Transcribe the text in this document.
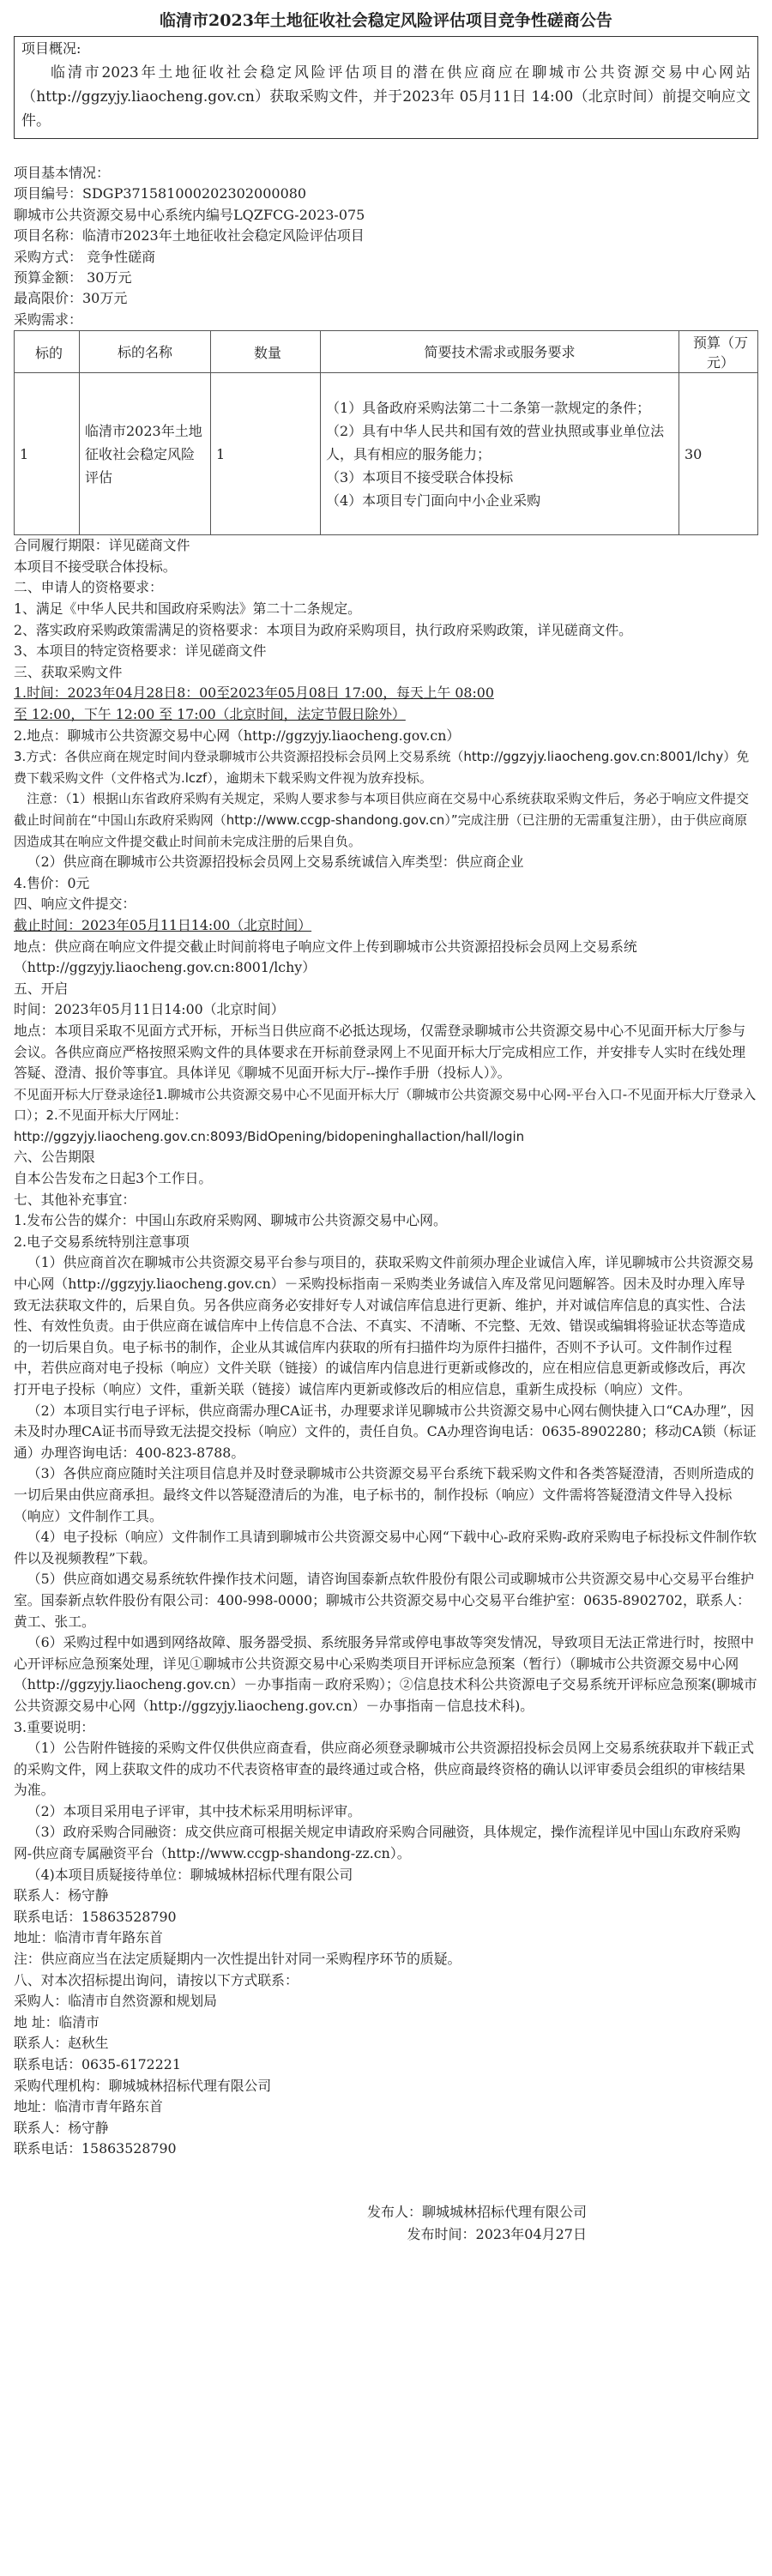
临清市2023年土地征收社会稳定风险评估项目竞争性磋商公告
项目概况:
临清市2023年土地征收社会稳定风险评估项目的潜在供应商应在聊城市公共资源交易中心网站（http://ggzyjy.liaocheng.gov.cn）获取采购文件，并于2023年 05月11日 14:00（北京时间）前提交响应文件。
项目基本情况：
项目编号：SDGP371581000202302000080
聊城市公共资源交易中心系统内编号LQZFCG-2023-075
项目名称：临清市2023年土地征收社会稳定风险评估项目
采购方式： 竞争性磋商
预算金额： 30万元
最高限价：30万元
采购需求：
标的	标的名称	数量	简要技术需求或服务要求	预算（万元）
1	临清市2023年土地征收社会稳定风险评估	1	（1）具备政府采购法第二十二条第一款规定的条件；
（2）具有中华人民共和国有效的营业执照或事业单位法人，具有相应的服务能力；
（3）本项目不接受联合体投标
（4）本项目专门面向中小企业采购	30

合同履行期限：详见磋商文件

本项目不接受联合体投标。

二、申请人的资格要求：

1、满足《中华人民共和国政府采购法》第二十二条规定。

2、落实政府采购政策需满足的资格要求：本项目为政府采购项目，执行政府采购政策，详见磋商文件。

3、本项目的特定资格要求：详见磋商文件

三、获取采购文件

1.时间：2023年04月28日8：00至2023年05月08日 17:00，每天上午 08:00

至 12:00，下午 12:00 至 17:00（北京时间，法定节假日除外）

2.地点：聊城市公共资源交易中心网（http://ggzyjy.liaocheng.gov.cn）

3.方式：各供应商在规定时间内登录聊城市公共资源招投标会员网上交易系统（http://ggzyjy.liaocheng.gov.cn:8001/lchy）免费下载采购文件（文件格式为.lczf），逾期未下载采购文件视为放弃投标。

注意：（1）根据山东省政府采购有关规定，采购人要求参与本项目供应商在交易中心系统获取采购文件后，务必于响应文件提交截止时间前在“中国山东政府采购网（http://www.ccgp-shandong.gov.cn）”完成注册（已注册的无需重复注册），由于供应商原因造成其在响应文件提交截止时间前未完成注册的后果自负。

（2）供应商在聊城市公共资源招投标会员网上交易系统诚信入库类型：供应商企业

4.售价：0元

四、响应文件提交：

截止时间：2023年05月11日14:00（北京时间）

地点：供应商在响应文件提交截止时间前将电子响应文件上传到聊城市公共资源招投标会员网上交易系统（http://ggzyjy.liaocheng.gov.cn:8001/lchy）

五、开启

时间：2023年05月11日14:00（北京时间）

地点：本项目采取不见面方式开标，开标当日供应商不必抵达现场，仅需登录聊城市公共资源交易中心不见面开标大厅参与会议。各供应商应严格按照采购文件的具体要求在开标前登录网上不见面开标大厅完成相应工作，并安排专人实时在线处理答疑、澄清、报价等事宜。具体详见《聊城不见面开标大厅--操作手册（投标人）》。

不见面开标大厅登录途径1.聊城市公共资源交易中心不见面开标大厅（聊城市公共资源交易中心网-平台入口-不见面开标大厅登录入口）；2.不见面开标大厅网址：

http://ggzyjy.liaocheng.gov.cn:8093/BidOpening/bidopeninghallaction/hall/login

六、公告期限

自本公告发布之日起3个工作日。

七、其他补充事宜：

1.发布公告的媒介：中国山东政府采购网、聊城市公共资源交易中心网。

2.电子交易系统特别注意事项

（1）供应商首次在聊城市公共资源交易平台参与项目的，获取采购文件前须办理企业诚信入库，详见聊城市公共资源交易中心网（http://ggzyjy.liaocheng.gov.cn）－采购投标指南－采购类业务诚信入库及常见问题解答。因未及时办理入库导致无法获取文件的，后果自负。另各供应商务必安排好专人对诚信库信息进行更新、维护，并对诚信库信息的真实性、合法性、有效性负责。由于供应商在诚信库中上传信息不合法、不真实、不清晰、不完整、无效、错误或编辑将验证状态等造成的一切后果自负。电子标书的制作，企业从其诚信库内获取的所有扫描件均为原件扫描件，否则不予认可。文件制作过程中，若供应商对电子投标（响应）文件关联（链接）的诚信库内信息进行更新或修改的，应在相应信息更新或修改后，再次打开电子投标（响应）文件，重新关联（链接）诚信库内更新或修改后的相应信息，重新生成投标（响应）文件。

（2）本项目实行电子评标，供应商需办理CA证书，办理要求详见聊城市公共资源交易中心网右侧快捷入口“CA办理”，因未及时办理CA证书而导致无法提交投标（响应）文件的，责任自负。CA办理咨询电话：0635-8902280；移动CA锁（标证通）办理咨询电话：400-823-8788。

（3）各供应商应随时关注项目信息并及时登录聊城市公共资源交易平台系统下载采购文件和各类答疑澄清，否则所造成的一切后果由供应商承担。最终文件以答疑澄清后的为准，电子标书的，制作投标（响应）文件需将答疑澄清文件导入投标（响应）文件制作工具。

（4）电子投标（响应）文件制作工具请到聊城市公共资源交易中心网“下载中心-政府采购-政府采购电子标投标文件制作软件以及视频教程”下载。

（5）供应商如遇交易系统软件操作技术问题，请咨询国泰新点软件股份有限公司或聊城市公共资源交易中心交易平台维护室。国泰新点软件股份有限公司：400-998-0000；聊城市公共资源交易中心交易平台维护室：0635-8902702，联系人：黄工、张工。

（6）采购过程中如遇到网络故障、服务器受损、系统服务异常或停电事故等突发情况，导致项目无法正常进行时，按照中心开评标应急预案处理，详见①聊城市公共资源交易中心采购类项目开评标应急预案（暂行）（聊城市公共资源交易中心网（http://ggzyjy.liaocheng.gov.cn）－办事指南－政府采购）；②信息技术科公共资源电子交易系统开评标应急预案(聊城市公共资源交易中心网（http://ggzyjy.liaocheng.gov.cn）－办事指南－信息技术科)。

3.重要说明：

（1）公告附件链接的采购文件仅供供应商查看，供应商必须登录聊城市公共资源招投标会员网上交易系统获取并下载正式的采购文件，网上获取文件的成功不代表资格审查的最终通过或合格，供应商最终资格的确认以评审委员会组织的审核结果为准。

（2）本项目采用电子评审，其中技术标采用明标评审。

（3）政府采购合同融资：成交供应商可根据关规定申请政府采购合同融资，具体规定，操作流程详见中国山东政府采购网-供应商专属融资平台（http://www.ccgp-shandong-zz.cn）。

（4)本项目质疑接待单位：聊城城林招标代理有限公司

联系人：杨守静

联系电话：15863528790

地址：临清市青年路东首

注：供应商应当在法定质疑期内一次性提出针对同一采购程序环节的质疑。

八、对本次招标提出询问，请按以下方式联系：

采购人：临清市自然资源和规划局

地 址：临清市

联系人：赵秋生

联系电话：0635-6172221

采购代理机构：聊城城林招标代理有限公司

地址：临清市青年路东首

联系人：杨守静

联系电话：15863528790

发布人：聊城城林招标代理有限公司
发布时间：2023年04月27日
